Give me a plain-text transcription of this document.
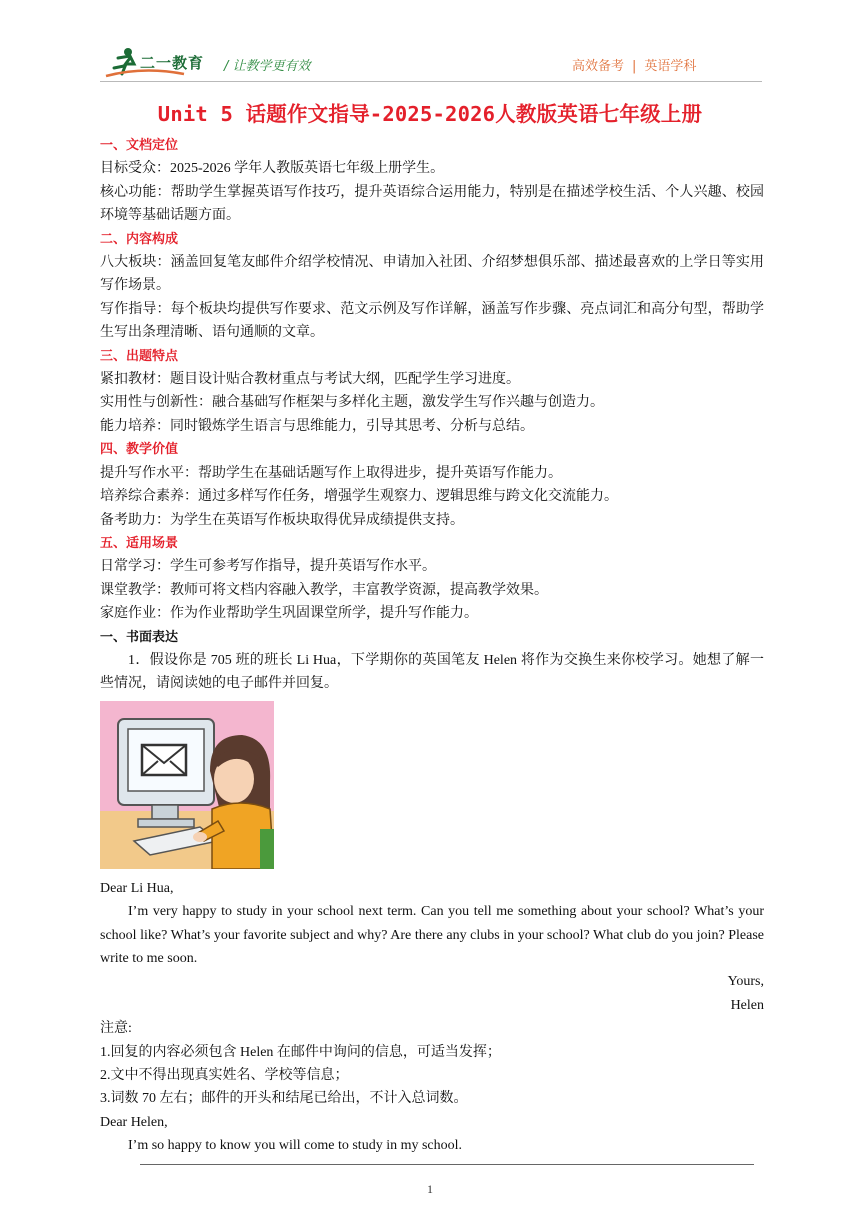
二一教育 / 让教学更有效	高效备考 | 英语学科
Unit 5 话题作文指导-2025-2026人教版英语七年级上册
一、文档定位

目标受众：2025-2026 学年人教版英语七年级上册学生。

核心功能：帮助学生掌握英语写作技巧，提升英语综合运用能力，特别是在描述学校生活、个人兴趣、校园环境等基础话题方面。

二、内容构成

八大板块：涵盖回复笔友邮件介绍学校情况、申请加入社团、介绍梦想俱乐部、描述最喜欢的上学日等实用写作场景。

写作指导：每个板块均提供写作要求、范文示例及写作详解，涵盖写作步骤、亮点词汇和高分句型，帮助学生写出条理清晰、语句通顺的文章。

三、出题特点

紧扣教材：题目设计贴合教材重点与考试大纲，匹配学生学习进度。

实用性与创新性：融合基础写作框架与多样化主题，激发学生写作兴趣与创造力。

能力培养：同时锻炼学生语言与思维能力，引导其思考、分析与总结。

四、教学价值

提升写作水平：帮助学生在基础话题写作上取得进步，提升英语写作能力。

培养综合素养：通过多样写作任务，增强学生观察力、逻辑思维与跨文化交流能力。

备考助力：为学生在英语写作板块取得优异成绩提供支持。

五、适用场景

日常学习：学生可参考写作指导，提升英语写作水平。

课堂教学：教师可将文档内容融入教学，丰富教学资源，提高教学效果。

家庭作业：作为作业帮助学生巩固课堂所学，提升写作能力。

一、书面表达

1．假设你是 705 班的班长 Li Hua，下学期你的英国笔友 Helen 将作为交换生来你校学习。她想了解一些情况，请阅读她的电子邮件并回复。

Dear Li Hua,

I’m very happy to study in your school next term. Can you tell me something about your school? What’s your school like? What’s your favorite subject and why? Are there any clubs in your school? What club do you join? Please write to me soon.

Yours,

Helen

注意:

1.回复的内容必须包含 Helen 在邮件中询问的信息，可适当发挥；

2.文中不得出现真实姓名、学校等信息；

3.词数 70 左右；邮件的开头和结尾已给出，不计入总词数。

Dear Helen,

I’m so happy to know you will come to study in my school.

1
